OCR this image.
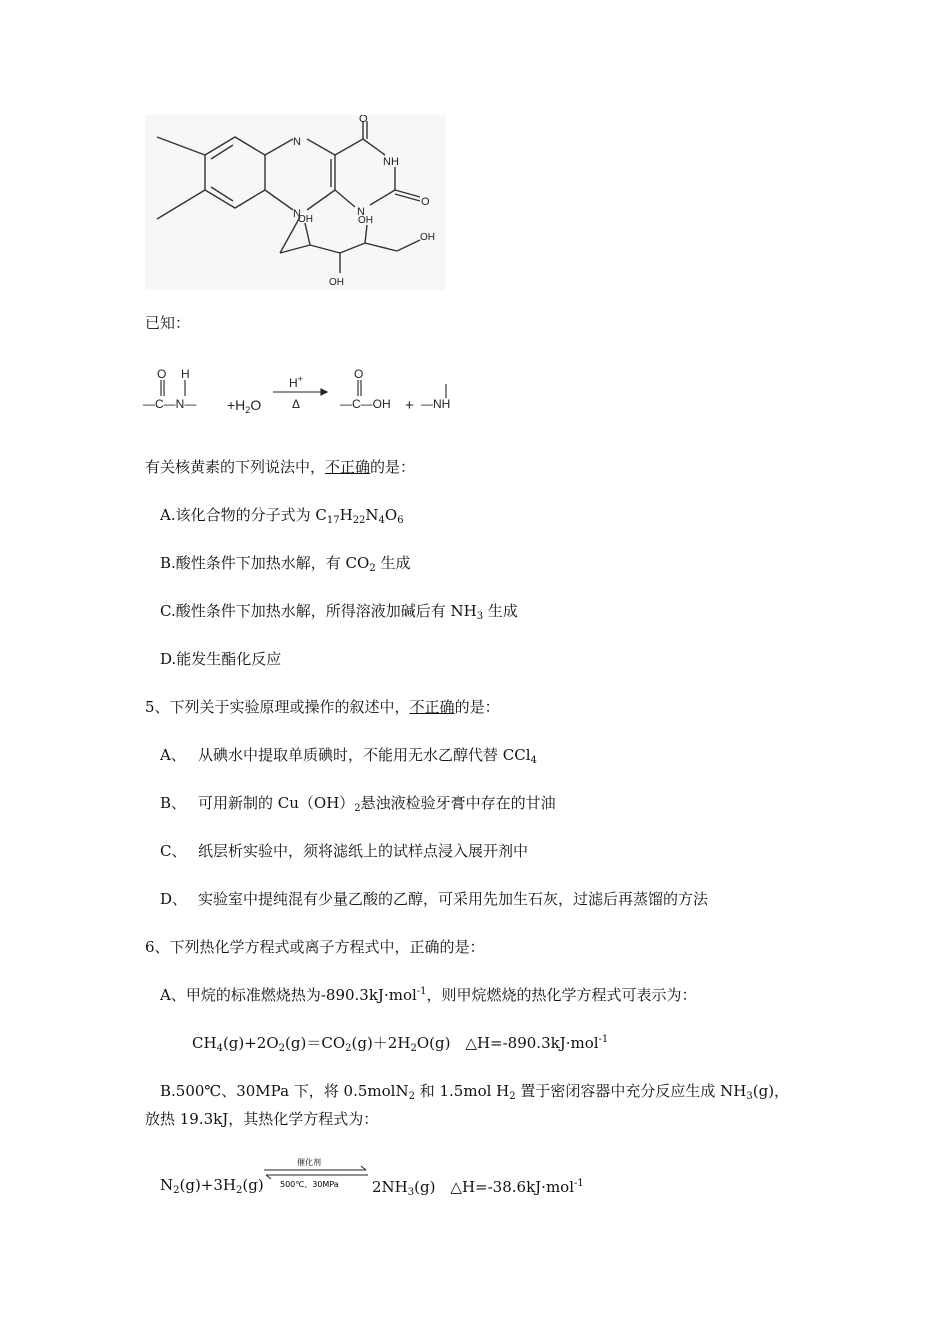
O
NH
O
N
N	N
OH	OH
OH
OH
已知：
O H
—C—N— $+H_2O$
H+
Δ
O
—C—OH + —NH
有关核黄素的下列说法中，不正确的是：
A.该化合物的分子式为 $C_{17}H_{22}N_4O_6$
B.酸性条件下加热水解，有 $CO_2$ 生成
C.酸性条件下加热水解，所得溶液加碱后有 $NH_3$ 生成
D.能发生酯化反应
5、下列关于实验原理或操作的叙述中，不正确的是：
A、 从碘水中提取单质碘时，不能用无水乙醇代替 CCl$_4$
B、 可用新制的 $Cu(OH)_2$悬浊液检验牙膏中存在的甘油
C、 纸层析实验中，须将滤纸上的试样点浸入展开剂中
D、 实验室中提纯混有少量乙酸的乙醇，可采用先加生石灰，过滤后再蒸馏的方法
6、下列热化学方程式或离子方程式中，正确的是：
A、甲烷的标准燃烧热为-890.3kJ·mol$^{-1}$，则甲烷燃烧的热化学方程式可表示为：
$CH_4(g)+2O_2(g)=CO_2(g)+2H_2O(g)$　△H=-890.3kJ·mol$^{-1}$
B.500℃、30MPa 下，将 0.5molN$_2$ 和 1.5mol $H_2$ 置于密闭容器中充分反应生成 $NH_3(g)$，
放热 19.3kJ，其热化学方程式为：
$N_2(g)+3H_2(g)$
催化剂
500℃、30MPa $2NH_3(g)$　△H=-38.6kJ·mol$^{-1}$
